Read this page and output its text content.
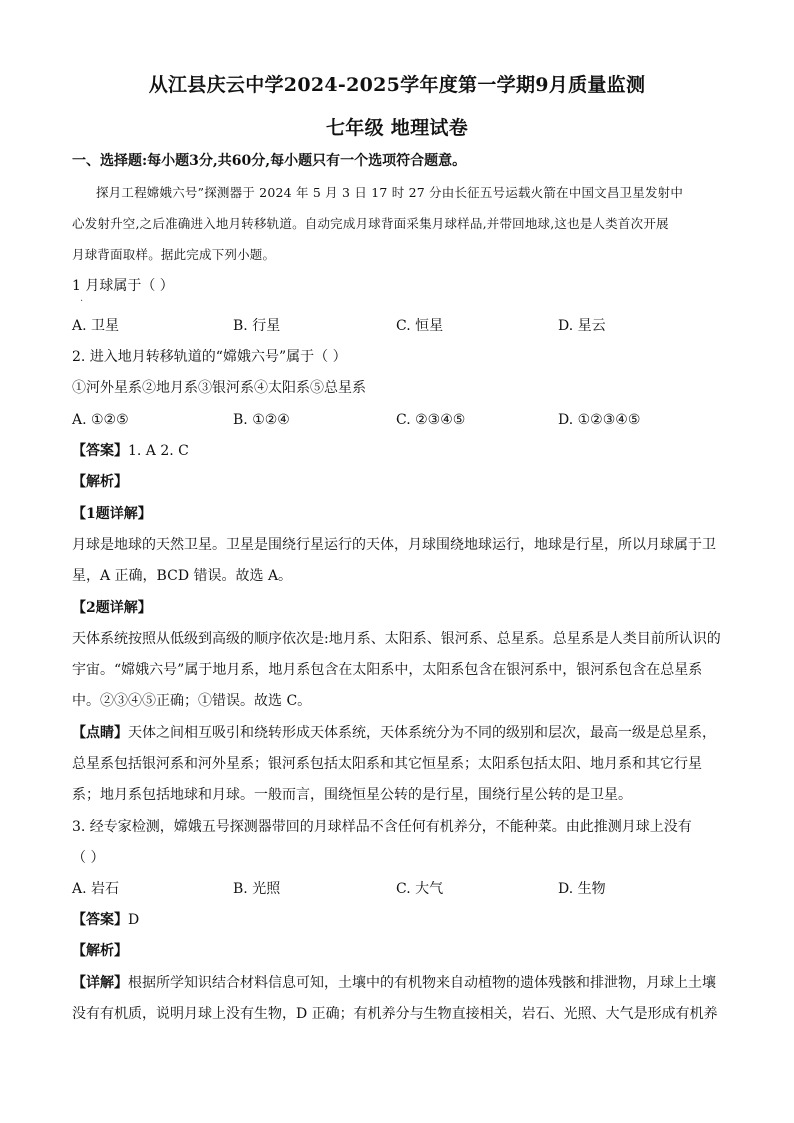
从江县庆云中学2024-2025学年度第一学期9月质量监测
七年级 地理试卷
一、选择题:每小题3分,共60分,每小题只有一个选项符合题意。
探月工程嫦娥六号”探测器于 2024 年 5 月 3 日 17 时 27 分由长征五号运载火箭在中国文昌卫星发射中
心发射升空,之后准确进入地月转移轨道。自动完成月球背面采集月球样品,并带回地球,这也是人类首次开展
月球背面取样。据此完成下列小题。
1 月球属于（ ）
·
A. 卫星	B. 行星	C. 恒星	D. 星云
2. 进入地月转移轨道的“嫦娥六号”属于（ ）
①河外星系②地月系③银河系④太阳系⑤总星系
A. ①②⑤	B. ①②④	C. ②③④⑤	D. ①②③④⑤
【答案】1. A 2. C
【解析】
【1题详解】
月球是地球的天然卫星。卫星是围绕行星运行的天体，月球围绕地球运行，地球是行星，所以月球属于卫
星，A 正确，BCD 错误。故选 A。
【2题详解】
天体系统按照从低级到高级的顺序依次是:地月系、太阳系、银河系、总星系。总星系是人类目前所认识的
宇宙。“嫦娥六号”属于地月系，地月系包含在太阳系中，太阳系包含在银河系中，银河系包含在总星系
中。②③④⑤正确；①错误。故选 C。
【点睛】天体之间相互吸引和绕转形成天体系统，天体系统分为不同的级别和层次，最高一级是总星系，
总星系包括银河系和河外星系；银河系包括太阳系和其它恒星系；太阳系包括太阳、地月系和其它行星
系；地月系包括地球和月球。一般而言，围绕恒星公转的是行星，围绕行星公转的是卫星。
3. 经专家检测，嫦娥五号探测器带回的月球样品不含任何有机养分，不能种菜。由此推测月球上没有
（ ）
A. 岩石	B. 光照	C. 大气	D. 生物
【答案】D
【解析】
【详解】根据所学知识结合材料信息可知，土壤中的有机物来自动植物的遗体残骸和排泄物，月球上土壤
没有有机质，说明月球上没有生物，D 正确；有机养分与生物直接相关，岩石、光照、大气是形成有机养
